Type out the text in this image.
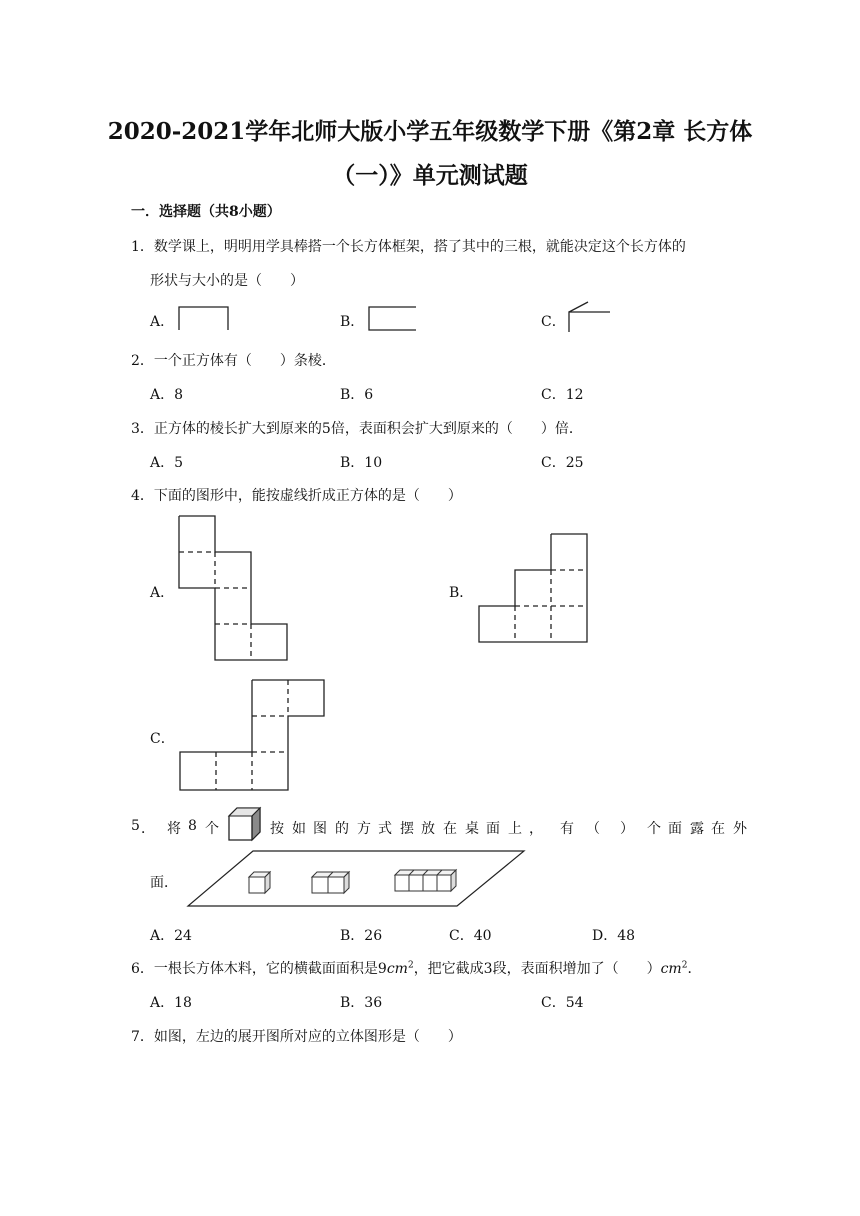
2020-2021学年北师大版小学五年级数学下册《第2章 长方体
（一）》单元测试题
一．选择题（共8小题）
1．数学课上，明明用学具棒搭一个长方体框架，搭了其中的三根，就能决定这个长方体的
形状与大小的是（　　）
A．	B．	C．
2．一个正方体有（　　）条棱．
A．8	B．6	C．12
3．正方体的棱长扩大到原来的5倍，表面积会扩大到原来的（　　）倍．
A．5	B．10	C．25
4．下面的图形中，能按虚线折成正方体的是（　　）
A．	B．
C．
5 ． 将 8 个	按 如 图 的 方 式 摆 放 在 桌 面 上 ， 有 （ ） 个 面 露 在 外
面．
A．24	B．26	C．40	D．48
6．一根长方体木料，它的横截面面积是$9cm^2$，把它截成3段，表面积增加了（　　）$cm^2$．
A．18	B．36	C．54
7．如图，左边的展开图所对应的立体图形是（　　）
